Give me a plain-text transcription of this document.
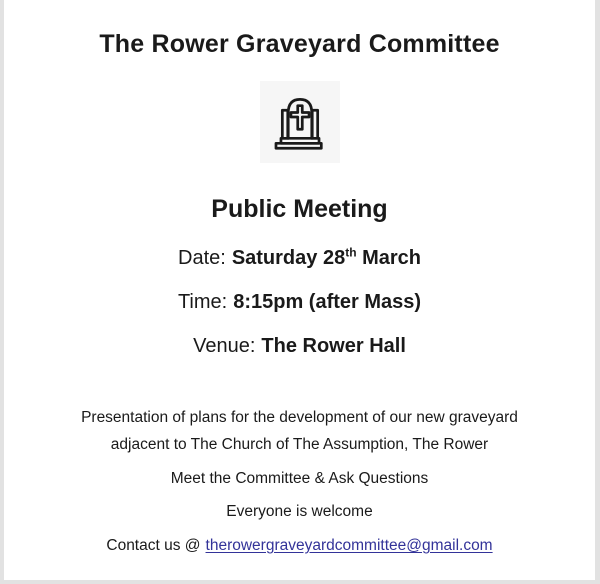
The Rower Graveyard Committee
Public Meeting
Date: Saturday 28th March
Time: 8:15pm (after Mass)
Venue: The Rower Hall
Presentation of plans for the development of our new graveyard
adjacent to The Church of The Assumption, The Rower
Meet the Committee & Ask Questions
Everyone is welcome
Contact us @ therowergraveyardcommittee@gmail.com
